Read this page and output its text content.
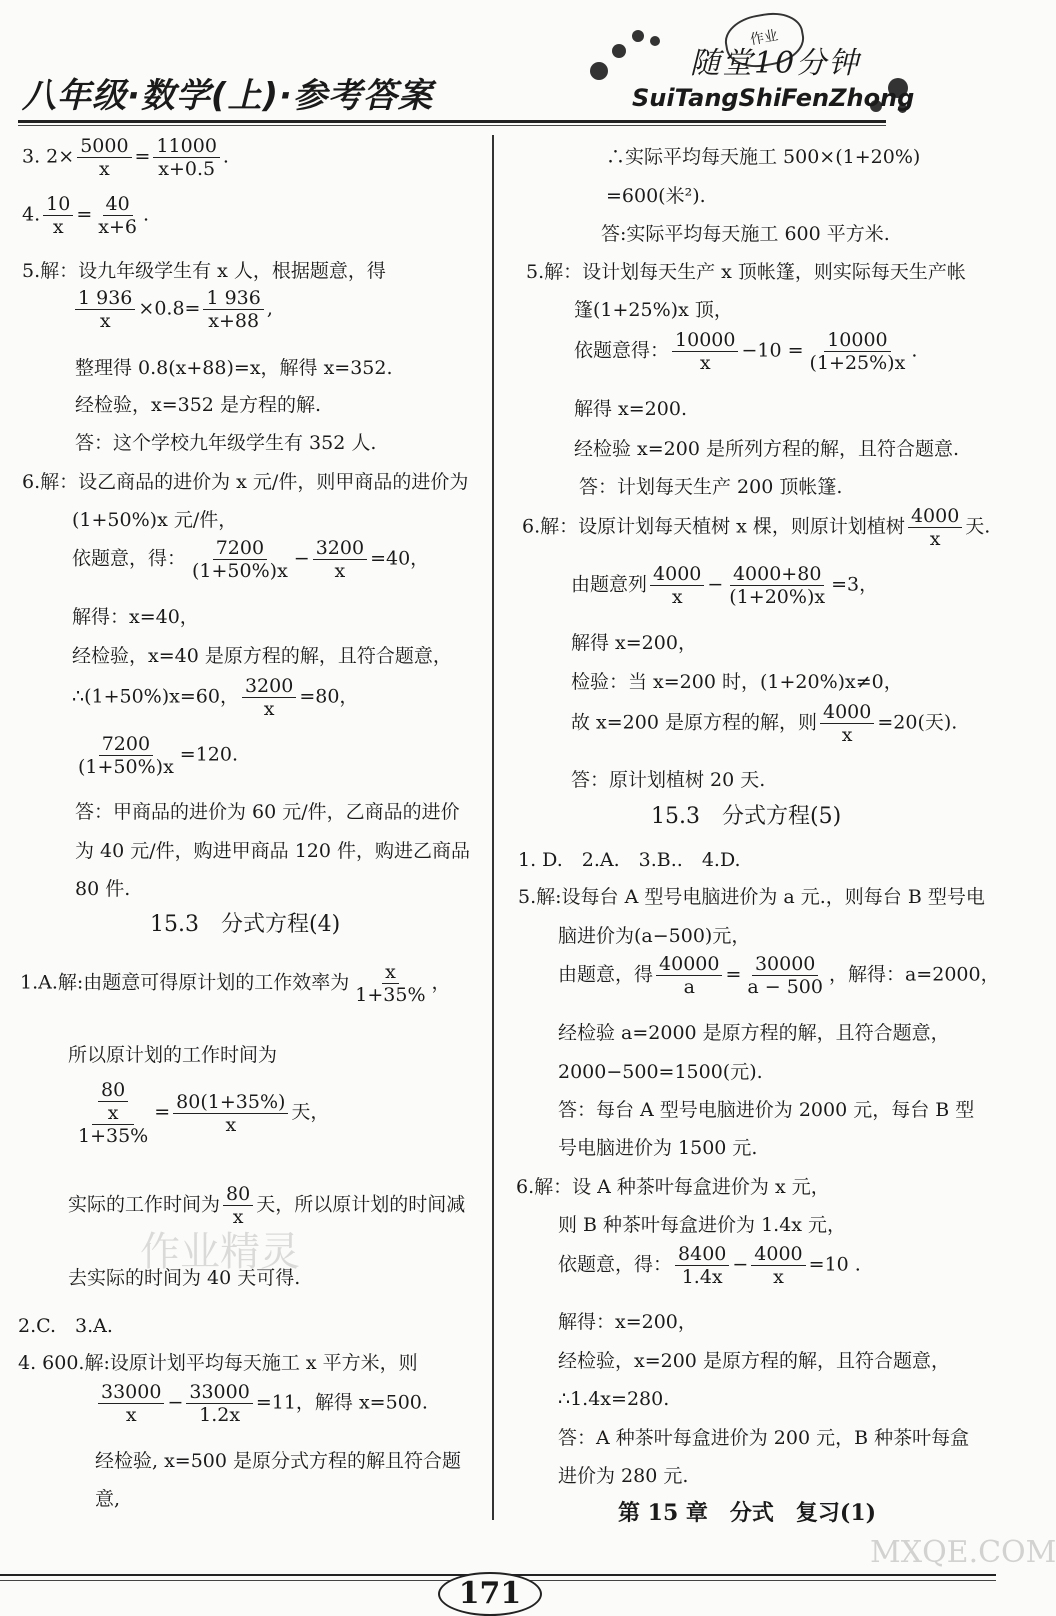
八年级·数学(上)·参考答案
作业
随堂10分钟
SuiTangShiFenZhong
3. $2\times \frac{5000}{x} = \frac{11000}{x+0.5}$ .
4. $\frac{10}{x} = \frac{40}{x+6}$ .
5.解：设九年级学生有 x 人，根据题意，得
$\frac{1 936}{x} \times 0.8= \frac{1 936}{x+88}$ ,
整理得 0.8(x+88)=x，解得 x=352.
经检验，x=352 是方程的解.
答：这个学校九年级学生有 352 人.
6.解：设乙商品的进价为 x 元/件，则甲商品的进价为
(1+50%)x 元/件，
依题意，得： $\frac{7200}{(1+50\%)x} - \frac{3200}{x} =40$，
解得：x=40，
经检验，x=40 是原方程的解，且符合题意，
∴(1+50%)x=60， $\frac{3200}{x} =80$，
$\frac{7200}{(1+50\%)x} =120$.
答：甲商品的进价为 60 元/件，乙商品的进价
为 40 元/件，购进甲商品 120 件，购进乙商品
80 件.
15.3　分式方程(4)
1.A.解:由题意可得原计划的工作效率为 $\frac{x}{1+35\%}$ ，
所以原计划的工作时间为
$\frac{\frac{80}{x}}{1+35\%} = \frac{80(1+35\%)}{x}$ 天，
实际的工作时间为 $\frac{80}{x}$ 天，所以原计划的时间减
去实际的时间为 40 天可得.
2.C.　3.A.
4. 600.解:设原计划平均每天施工 x 平方米，则
$\frac{33000}{x} - \frac{33000}{1.2x} =11$，解得 x=500.
经检验, x=500 是原分式方程的解且符合题
意,
∴实际平均每天施工 500×(1+20%)
=600(米²).
答:实际平均每天施工 600 平方米.
5.解：设计划每天生产 x 顶帐篷，则实际每天生产帐
篷(1+25%)x 顶，
依题意得： $\frac{10000}{x} -10 = \frac{10000}{(1+25\%)x}$ .
解得 x=200.
经检验 x=200 是所列方程的解，且符合题意.
答：计划每天生产 200 顶帐篷.
6.解：设原计划每天植树 x 棵，则原计划植树 $\frac{4000}{x}$ 天.
由题意列 $\frac{4000}{x} - \frac{4000+80}{(1+20\%)x} =3$，
解得 x=200，
检验：当 x=200 时，(1+20%)x≠0，
故 x=200 是原方程的解，则 $\frac{4000}{x} =20$(天).
答：原计划植树 20 天.
15.3　分式方程(5)
1. D.　2.A.　3.B..　4.D.
5.解:设每台 A 型号电脑进价为 a 元.，则每台 B 型号电
脑进价为(a−500)元，
由题意，得 $\frac{40000}{a} = \frac{30000}{a - 500}$ ，解得：a=2000，
经检验 a=2000 是原方程的解，且符合题意，
2000−500=1500(元).
答：每台 A 型号电脑进价为 2000 元，每台 B 型
号电脑进价为 1500 元.
6.解：设 A 种茶叶每盒进价为 x 元，
则 B 种茶叶每盒进价为 1.4x 元，
依题意，得： $\frac{8400}{1.4x} - \frac{4000}{x} =10$ .
解得：x=200，
经检验，x=200 是原方程的解，且符合题意，
∴1.4x=280.
答：A 种茶叶每盒进价为 200 元，B 种茶叶每盒
进价为 280 元.
第 15 章　分式　复习(1)
作业精灵
MXQE.COM
171
